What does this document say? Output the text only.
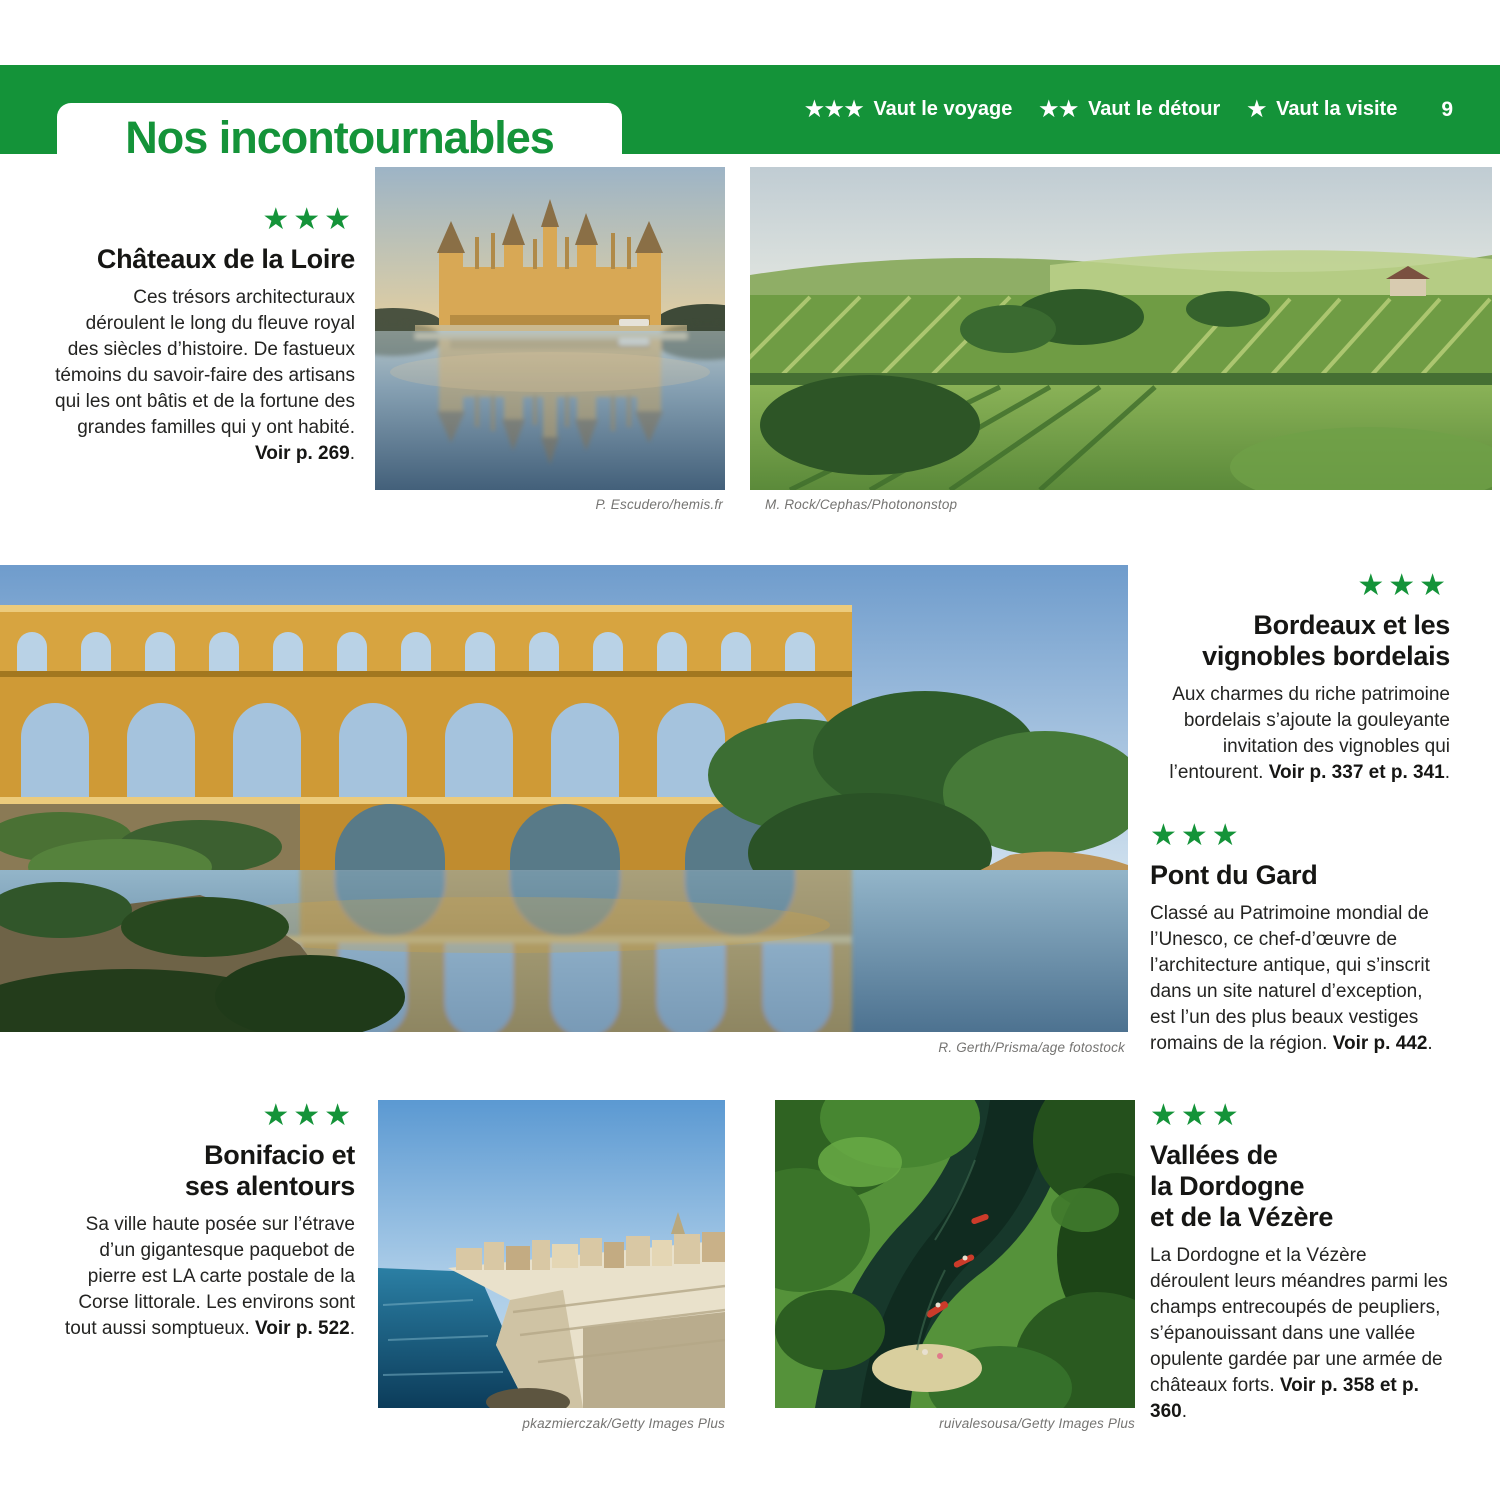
Nos incontournables
★★★ Vaut le voyage ★★ Vaut le détour ★ Vaut la visite 9
★★★
Châteaux de la Loire

Ces trésors architecturaux déroulent le long du fleuve royal des siècles d’histoire. De fastueux témoins du savoir-faire des artisans qui les ont bâtis et de la fortune des grandes familles qui y ont habité. Voir p. 269.

P. Escudero/hemis.fr	M. Rock/Cephas/Photononstop
R. Gerth/Prisma/age fotostock
★★★
Bordeaux et les
vignobles bordelais

Aux charmes du riche patrimoine bordelais s’ajoute la gouleyante invitation des vignobles qui l’entourent. Voir p. 337 et p. 341.

★★★
Pont du Gard

Classé au Patrimoine mondial de l’Unesco, ce chef-d’œuvre de l’architecture antique, qui s’inscrit dans un site naturel d’exception, est l’un des plus beaux vestiges romains de la région. Voir p. 442.

★★★
Bonifacio et
ses alentours

Sa ville haute posée sur l’étrave d’un gigantesque paquebot de pierre est LA carte postale de la Corse littorale. Les environs sont tout aussi somptueux. Voir p. 522.

pkazmierczak/Getty Images Plus	ruivalesousa/Getty Images Plus
★★★
Vallées de
la Dordogne
et de la Vézère

La Dordogne et la Vézère déroulent leurs méandres parmi les champs entrecoupés de peupliers, s’épanouissant dans une vallée opulente gardée par une armée de châteaux forts. Voir p. 358 et p. 360.
